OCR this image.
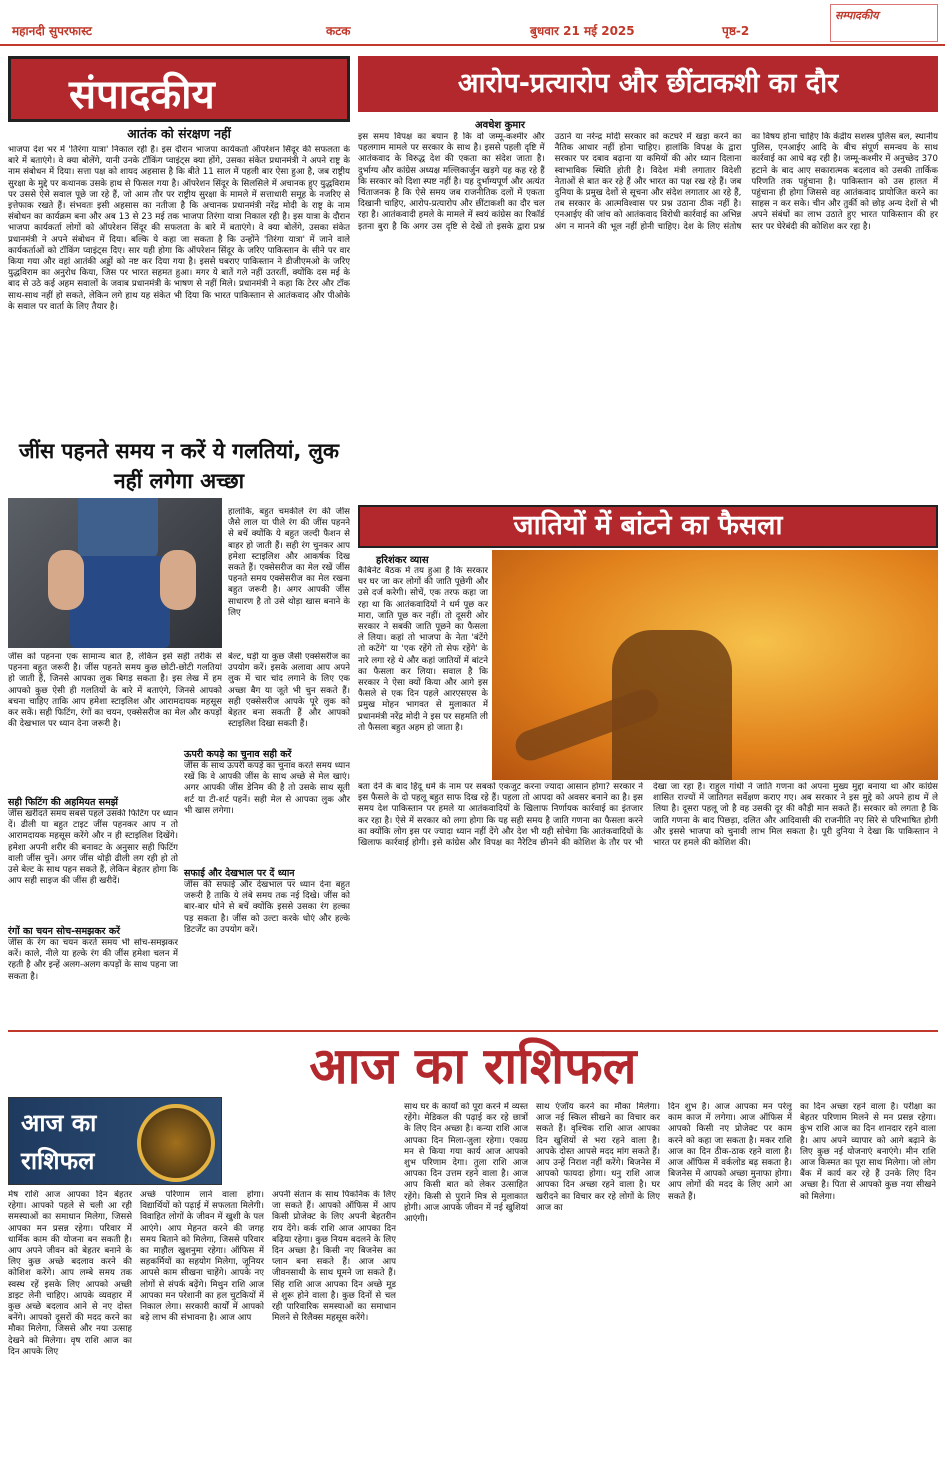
महानदी सुपरफास्ट	कटक	बुधवार 21 मई 2025	पृष्ठ-2
सम्पादकीय
संपादकीय
आतंक को संरक्षण नहीं
भाजपा देश भर में 'तिरंगा यात्रा' निकाल रही है। इस दौरान भाजपा कार्यकर्ता ऑपरेशन सिंदूर की सफलता के बारे में बताएंगे। वे क्या बोलेंगे, यानी उनके टॉकिंग प्वाइंट्स क्या होंगे, उसका संकेत प्रधानमंत्री ने अपने राष्ट्र के नाम संबोधन में दिया। सत्ता पक्ष को शायद अहसास है कि बीते 11 साल में पहली बार ऐसा हुआ है, जब राष्ट्रीय सुरक्षा के मुद्दे पर कथानक उसके हाथ से फिसल गया है। ऑपरेशन सिंदूर के सिलसिले में अचानक हुए युद्धविराम पर उससे ऐसे सवाल पूछे जा रहे हैं, जो आम तौर पर राष्ट्रीय सुरक्षा के मामले में सत्ताधारी समूह के नजरिए से इत्तेफाक रखते हैं। संभवतः इसी अहसास का नतीजा है कि अचानक प्रधानमंत्री नरेंद्र मोदी के राष्ट्र के नाम संबोधन का कार्यक्रम बना और अब 13 से 23 मई तक भाजपा तिरंगा यात्रा निकाल रही है। इस यात्रा के दौरान भाजपा कार्यकर्ता लोगों को ऑपरेशन सिंदूर की सफलता के बारे में बताएंगे। वे क्या बोलेंगे, उसका संकेत प्रधानमंत्री ने अपने संबोधन में दिया। बल्कि ये कहा जा सकता है कि उन्होंने 'तिरंगा यात्रा' में जाने वाले कार्यकर्ताओं को टॉकिंग प्वाइंट्स दिए। सार यही होगा कि ऑपरेशन सिंदूर के जरिए पाकिस्तान के सीने पर वार किया गया और वहां आतंकी अड्डों को नष्ट कर दिया गया है। इससे घबराए पाकिस्तान ने डीजीएमओ के जरिए युद्धविराम का अनुरोध किया, जिस पर भारत सहमत हुआ। मगर ये बातें गले नहीं उतरतीं, क्योंकि दस मई के बाद से उठे कई अहम सवालों के जवाब प्रधानमंत्री के भाषण से नहीं मिले। प्रधानमंत्री ने कहा कि टेरर और टॉक साथ-साथ नहीं हो सकते, लेकिन लगे हाथ यह संकेत भी दिया कि भारत पाकिस्तान से आतंकवाद और पीओके के सवाल पर वार्ता के लिए तैयार है।
जींस पहनते समय न करें ये गलतियां, लुक नहीं लगेगा अच्छा
हालांकि, बहुत चमकीले रंग की जींस जैसे लाल या पीले रंग की जींस पहनने से बचें क्योंकि ये बहुत जल्दी फैशन से बाहर हो जाती हैं। सही रंग चुनकर आप हमेशा स्टाइलिश और आकर्षक दिख सकते हैं। एक्सेसरीज का मेल रखें जींस पहनते समय एक्सेसरीज का मेल रखना बहुत जरूरी है। अगर आपकी जींस साधारण है तो उसे थोड़ा खास बनाने के लिए
जींस को पहनना एक सामान्य बात है, लेकिन इसे सही तरीके से पहनना बहुत जरूरी है। जींस पहनते समय कुछ छोटी-छोटी गलतियां हो जाती हैं, जिनसे आपका लुक बिगड़ सकता है। इस लेख में हम आपको कुछ ऐसी ही गलतियों के बारे में बताएंगे, जिनसे आपको बचना चाहिए ताकि आप हमेशा स्टाइलिश और आरामदायक महसूस कर सकें। सही फिटिंग, रंगों का चयन, एक्सेसरीज का मेल और कपड़ों की देखभाल पर ध्यान देना जरूरी है।
बेल्ट, घड़ी या कुछ जैसी एक्सेसरीज का उपयोग करें। इसके अलावा आप अपने लुक में चार चांद लगाने के लिए एक अच्छा बैग या जूते भी चुन सकते हैं। सही एक्सेसरीज आपके पूरे लुक को बेहतर बना सकती हैं और आपको स्टाइलिश दिखा सकती हैं।
सही फिटिंग की अहमियत समझें
जींस खरीदते समय सबसे पहले उसकी फिटिंग पर ध्यान दें। ढीली या बहुत टाइट जींस पहनकर आप न तो आरामदायक महसूस करेंगे और न ही स्टाइलिश दिखेंगे। हमेशा अपनी शरीर की बनावट के अनुसार सही फिटिंग वाली जींस चुनें। अगर जींस थोड़ी ढीली लग रही हो तो उसे बेल्ट के साथ पहन सकते हैं, लेकिन बेहतर होगा कि आप सही साइज की जींस ही खरीदें।
रंगों का चयन सोच-समझकर करें
जींस के रंग का चयन करते समय भी सोच-समझकर करें। काले, नीले या हल्के रंग की जींस हमेशा चलन में रहती है और इन्हें अलग-अलग कपड़ों के साथ पहना जा सकता है।
ऊपरी कपड़े का चुनाव सही करें
जींस के साथ ऊपरी कपड़े का चुनाव करते समय ध्यान रखें कि वे आपकी जींस के साथ अच्छे से मेल खाएं। अगर आपकी जींस डेनिम की है तो उसके साथ सूती शर्ट या टी-शर्ट पहनें। सही मेल से आपका लुक और भी खास लगेगा।
सफाई और देखभाल पर दें ध्यान
जींस की सफाई और देखभाल पर ध्यान देना बहुत जरूरी है ताकि ये लंबे समय तक नई दिखे। जींस को बार-बार धोने से बचें क्योंकि इससे उसका रंग हल्का पड़ सकता है। जींस को उल्टा करके धोएं और हल्के डिटर्जेंट का उपयोग करें।
आरोप-प्रत्यारोप और छींटाकशी का दौर
अवधेश कुमार
इस समय विपक्ष का बयान है कि वो जम्मू-कश्मीर और पहलगाम मामले पर सरकार के साथ है। इससे पहली दृष्टि में आतंकवाद के विरुद्ध देश की एकता का संदेश जाता है। दुर्भाग्य और कांग्रेस अध्यक्ष मल्लिकार्जुन खड़गे यह कह रहे हैं कि सरकार को दिशा स्पष्ट नहीं है। यह दुर्भाग्यपूर्ण और अत्यंत चिंताजनक है कि ऐसे समय जब राजनीतिक दलों में एकता दिखानी चाहिए, आरोप-प्रत्यारोप और छींटाकशी का दौर चल रहा है। आतंकवादी हमले के मामले में स्वयं कांग्रेस का रिकॉर्ड इतना बुरा है कि अगर उस दृष्टि से देखें तो इसके द्वारा प्रश्न उठाने या नरेन्द्र मोदी सरकार को कटघरे में खड़ा करने का नैतिक आधार नहीं होना चाहिए। हालांकि विपक्ष के द्वारा सरकार पर दबाव बढ़ाना या कमियों की ओर ध्यान दिलाना स्वाभाविक स्थिति होती है। विदेश मंत्री लगातार विदेशी नेताओं से बात कर रहे हैं और भारत का पक्ष रख रहे हैं। जब दुनिया के प्रमुख देशों से सूचना और संदेश लगातार आ रहे हैं, तब सरकार के आत्मविश्वास पर प्रश्न उठाना ठीक नहीं है। एनआईए की जांच को आतंकवाद विरोधी कार्रवाई का अभिन्न अंग न मानने की भूल नहीं होनी चाहिए। देश के लिए संतोष का विषय होना चाहिए कि केंद्रीय सशस्त्र पुलिस बल, स्थानीय पुलिस, एनआईए आदि के बीच संपूर्ण समन्वय के साथ कार्रवाई का आधे बढ़ रही है। जम्मू-कश्मीर में अनुच्छेद 370 हटाने के बाद आए सकारात्मक बदलाव को उसकी तार्किक परिणति तक पहुंचाना है। पाकिस्तान को उस हालत में पहुंचाना ही होगा जिससे वह आतंकवाद प्रायोजित करने का साहस न कर सके। चीन और तुर्की को छोड़ अन्य देशों से भी अपने संबंधों का लाभ उठाते हुए भारत पाकिस्तान की हर स्तर पर घेरेबंदी की कोशिश कर रहा है।
जातियों में बांटने का फैसला
हरिशंकर व्यास
कैबिनेट बैठक में तय हुआ है कि सरकार घर घर जा कर लोगों की जाति पूछेगी और उसे दर्ज करेगी। सोचें, एक तरफ कहा जा रहा था कि आतंकवादियों ने धर्म पूछ कर मारा, जाति पूछ कर नहीं। तो दूसरी ओर सरकार ने सबकी जाति पूछने का फैसला ले लिया। कहां तो भाजपा के नेता 'बंटेंगे तो कटेंगे' या 'एक रहेंगे तो सेफ रहेंगे' के नारे लगा रहे थे और कहां जातियों में बांटने का फैसला कर लिया। सवाल है कि सरकार ने ऐसा क्यों किया और आगे इस फैसले से एक दिन पहले आरएसएस के प्रमुख मोहन भागवत से मुलाकात में प्रधानमंत्री नरेंद्र मोदी ने इस पर सहमति ली तो फैसला बहुत अहम हो जाता है।
बता देने के बाद हिंदू धर्म के नाम पर सबको एकजुट करना ज्यादा आसान होगा? सरकार ने इस फैसले के दो पहलू बहुत साफ दिख रहे हैं। पहला तो आपदा को अवसर बनाने का है। इस समय देश पाकिस्तान पर हमले या आतंकवादियों के खिलाफ निर्णायक कार्रवाई का इंतजार कर रहा है। ऐसे में सरकार को लगा होगा कि यह सही समय है जाति गणना का फैसला करने का क्योंकि लोग इस पर ज्यादा ध्यान नहीं देंगे और देश भी यही सोचेगा कि आतंकवादियों के खिलाफ कार्रवाई होगी। इसे कांग्रेस और विपक्ष का नैरेटिव छीनने की कोशिश के तौर पर भी देखा जा रहा है। राहुल गांधी ने जाति गणना को अपना मुख्य मुद्दा बनाया था और कांग्रेस शासित राज्यों में जातिगत सर्वेक्षण कराए गए। अब सरकार ने इस मुद्दे को अपने हाथ में ले लिया है। दूसरा पहलू जो है वह उसकी दूर की कौड़ी मान सकते हैं। सरकार को लगता है कि जाति गणना के बाद पिछड़ा, दलित और आदिवासी की राजनीति नए सिरे से परिभाषित होगी और इससे भाजपा को चुनावी लाभ मिल सकता है। पूरी दुनिया ने देखा कि पाकिस्तान ने भारत पर हमले की कोशिश की।
आज का राशिफल
आज का
राशिफल
मेष राशि आज आपका दिन बेहतर रहेगा। आपको पहले से चली आ रही समस्याओं का समाधान मिलेगा, जिससे आपका मन प्रसन्न रहेगा। परिवार में धार्मिक काम की योजना बन सकती है। आप अपने जीवन को बेहतर बनाने के लिए कुछ अच्छे बदलाव करने की कोशिश करेंगे। आप लम्बे समय तक स्वस्थ रहें इसके लिए आपको अच्छी डाइट लेनी चाहिए। आपके व्यवहार में कुछ अच्छे बदलाव आने से नए दोस्त बनेंगे। आपको दूसरों की मदद करने का मौका मिलेगा, जिससे और नया उत्साह देखने को मिलेगा। वृष राशि आज का दिन आपके लिए
अच्छे परिणाम लाने वाला होगा। विद्यार्थियों को पढ़ाई में सफलता मिलेगी। विवाहित लोगों के जीवन में खुशी के पल आएंगे। आप मेहनत करने की जगह समय बिताने को मिलेगा, जिससे परिवार का माहौल खुशनुमा रहेगा। ऑफिस में सहकर्मियों का सहयोग मिलेगा, जूनियर आपसे काम सीखना चाहेंगे। आपके नए लोगों से संपर्क बढ़ेंगे। मिथुन राशि आज आपका मन परेशानी का हल चुटकियों में निकाल लेगा। सरकारी कार्यों में आपको बड़े लाभ की संभावना है। आज आप
अपनी संतान के साथ पिकनिक के लिए जा सकते हैं। आपको ऑफिस में आप किसी प्रोजेक्ट के लिए अपनी बेहतरीन राय देंगे। कर्क राशि आज आपका दिन बढ़िया रहेगा। कुछ नियम बदलने के लिए दिन अच्छा है। किसी नए बिजनेस का प्लान बना सकते हैं। आज आप जीवनसाथी के साथ घूमने जा सकते हैं। सिंह राशि आज आपका दिन अच्छे मूड से शुरू होने वाला है। कुछ दिनों से चल रही पारिवारिक समस्याओं का समाधान मिलने से रिलैक्स महसूस करेंगे।
साथ घर के कार्यों को पूरा करने में व्यस्त रहेंगे। मेडिकल की पढ़ाई कर रहे छात्रों के लिए दिन अच्छा है। कन्या राशि आज आपका दिन मिला-जुला रहेगा। एकाग्र मन से किया गया कार्य आज आपको शुभ परिणाम देगा। तुला राशि आज आपका दिन उत्तम रहने वाला है। आज आप किसी बात को लेकर उत्साहित रहेंगे। किसी से पुराने मित्र से मुलाकात होगी। आज आपके जीवन में नई खुशियां आएंगी।
साथ एंजॉय करने का मौका मिलेगा। आज नई स्किल सीखने का विचार कर सकते हैं। वृश्चिक राशि आज आपका दिन खुशियों से भरा रहने वाला है। आपके दोस्त आपसे मदद मांग सकते हैं। आप उन्हें निराश नहीं करेंगे। बिजनेस में आपको फायदा होगा। धनु राशि आज आपका दिन अच्छा रहने वाला है। घर खरीदने का विचार कर रहे लोगों के लिए आज का
दिन शुभ है। आज आपका मन परेलू काम काज में लगेगा। आज ऑफिस में आपको किसी नए प्रोजेक्ट पर काम करने को कहा जा सकता है। मकर राशि आज का दिन ठीक-ठाक रहने वाला है। आज ऑफिस में वर्कलोड बढ़ सकता है। बिजनेस में आपको अच्छा मुनाफा होगा। आप लोगों की मदद के लिए आगे आ सकते हैं।
का दिन अच्छा रहने वाला है। परीक्षा का बेहतर परिणाम मिलने से मन प्रसन्न रहेगा। कुंभ राशि आज का दिन शानदार रहने वाला है। आप अपने व्यापार को आगे बढ़ाने के लिए कुछ नई योजनाएं बनाएंगे। मीन राशि आज किस्मत का पूरा साथ मिलेगा। जो लोग बैंक में कार्य कर रहे हैं उनके लिए दिन अच्छा है। पिता से आपको कुछ नया सीखने को मिलेगा।
